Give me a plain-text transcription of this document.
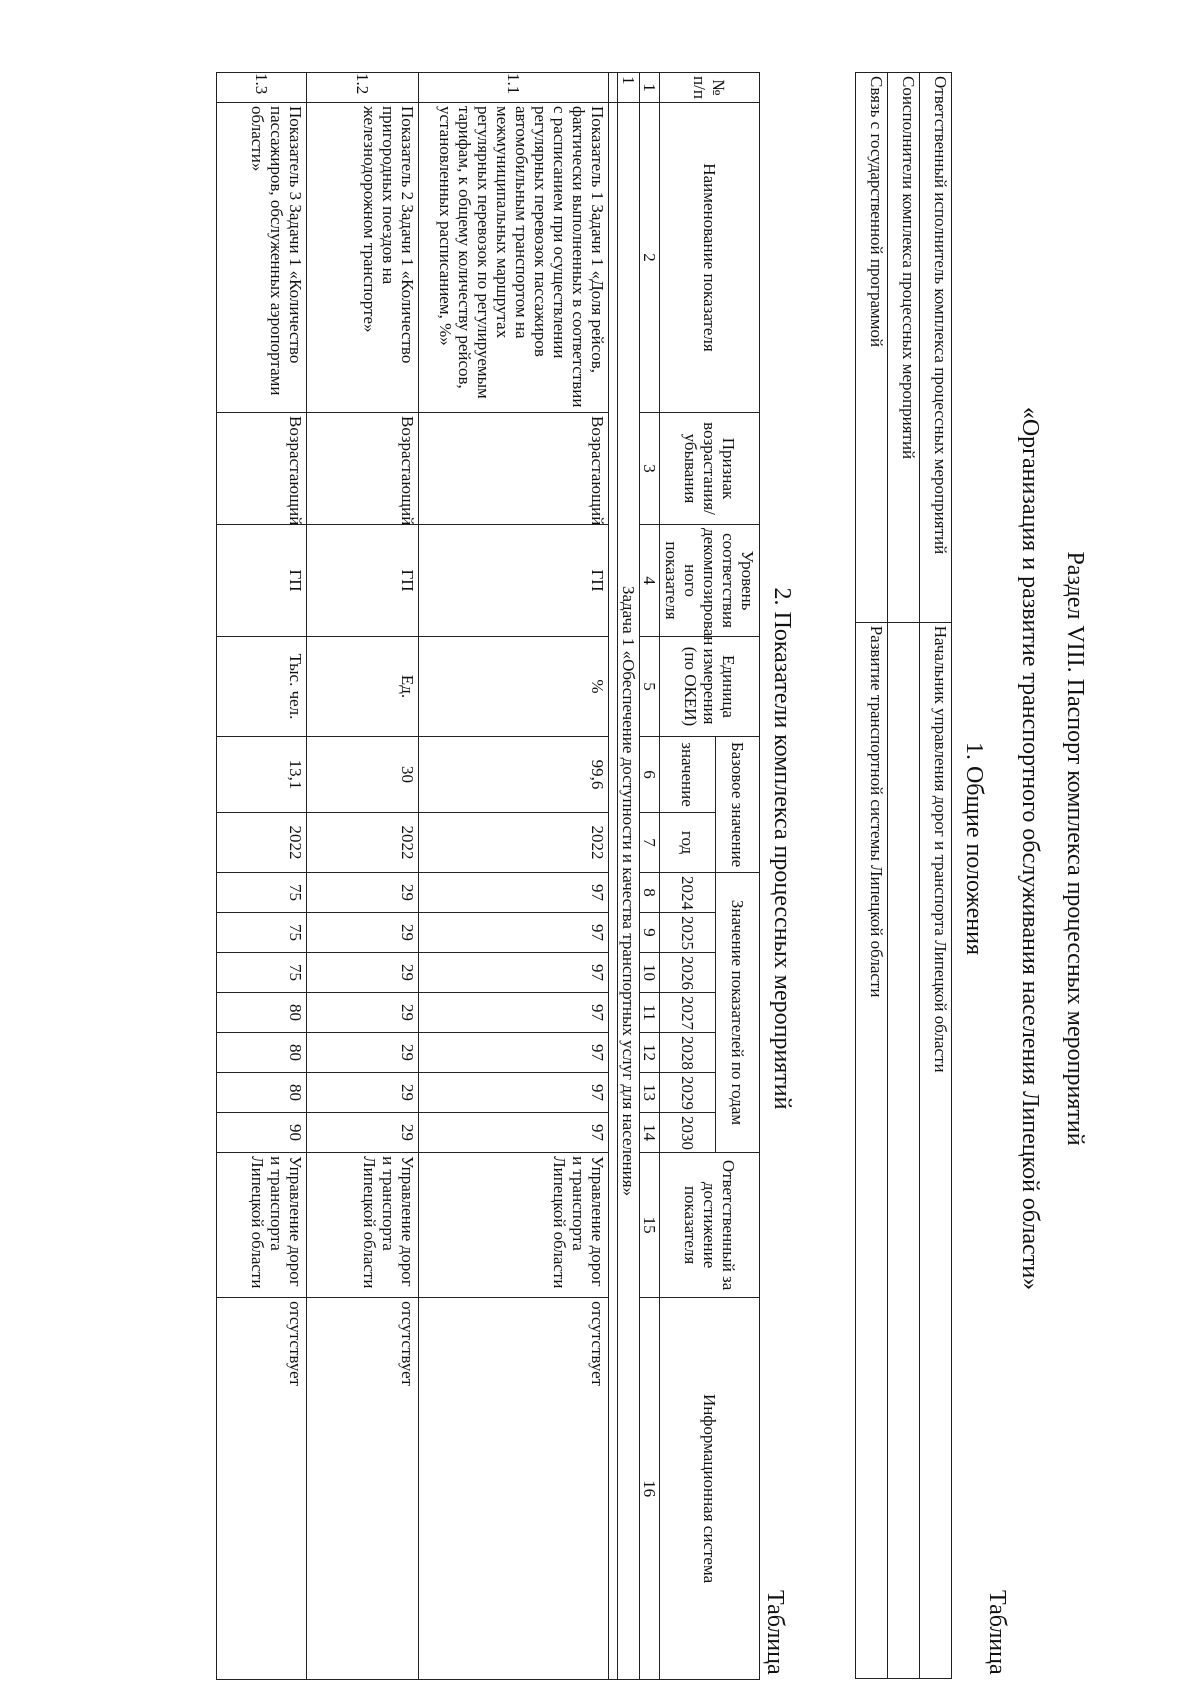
Раздел VIII. Паспорт комплекса процессных мероприятий
«Организация и развитие транспортного обслуживания населения Липецкой области»
Таблица
1. Общие положения
Ответственный исполнитель комплекса процессных мероприятий	Начальник управления дорог и транспорта Липецкой области
Соисполнители комплекса процессных мероприятий	
Связь с государственной программой	Развитие транспортной системы Липецкой области
2. Показатели комплекса процессных мероприятий
Таблица
№ п/п	Наименование показателя	Признак возрастания/ убывания	Уровень соответствия декомпозирован ного показателя	Единица измерения (по ОКЕИ)	Базовое значение		Значение показателей по годам							Ответственный за достижение показателя	Информационная система
					значение	год	2024	2025	2026	2027	2028	2029	2030		
1	2	3	4	5	6	7	8	9	10	11	12	13	14	15	16
1	Задача 1 «Обеспечение доступности и качества транспортных услуг для населения»														

1.1	Показатель 1 Задачи 1 «Доля рейсов, фактически выполненных в соответствии с расписанием при осуществлении регулярных перевозок пассажиров автомобильным транспортом на межмуниципальных маршрутах регулярных перевозок по регулируемым тарифам, к общему количеству рейсов, установленных расписанием, %»	Возрастающий	ГП	%	99,6	2022	97	97	97	97	97	97	97	Управление дорог и транспорта Липецкой области	отсутствует
1.2	Показатель 2 Задачи 1 «Количество пригородных поездов на железнодорожном транспорте»	Возрастающий	ГП	Ед.	30	2022	29	29	29	29	29	29	29	Управление дорог и транспорта Липецкой области	отсутствует
1.3	Показатель 3 Задачи 1 «Количество пассажиров, обслуженных аэропортами области»	Возрастающий	ГП	Тыс. чел.	13,1	2022	75	75	75	80	80	80	90	Управление дорог и транспорта Липецкой области	отсутствует
